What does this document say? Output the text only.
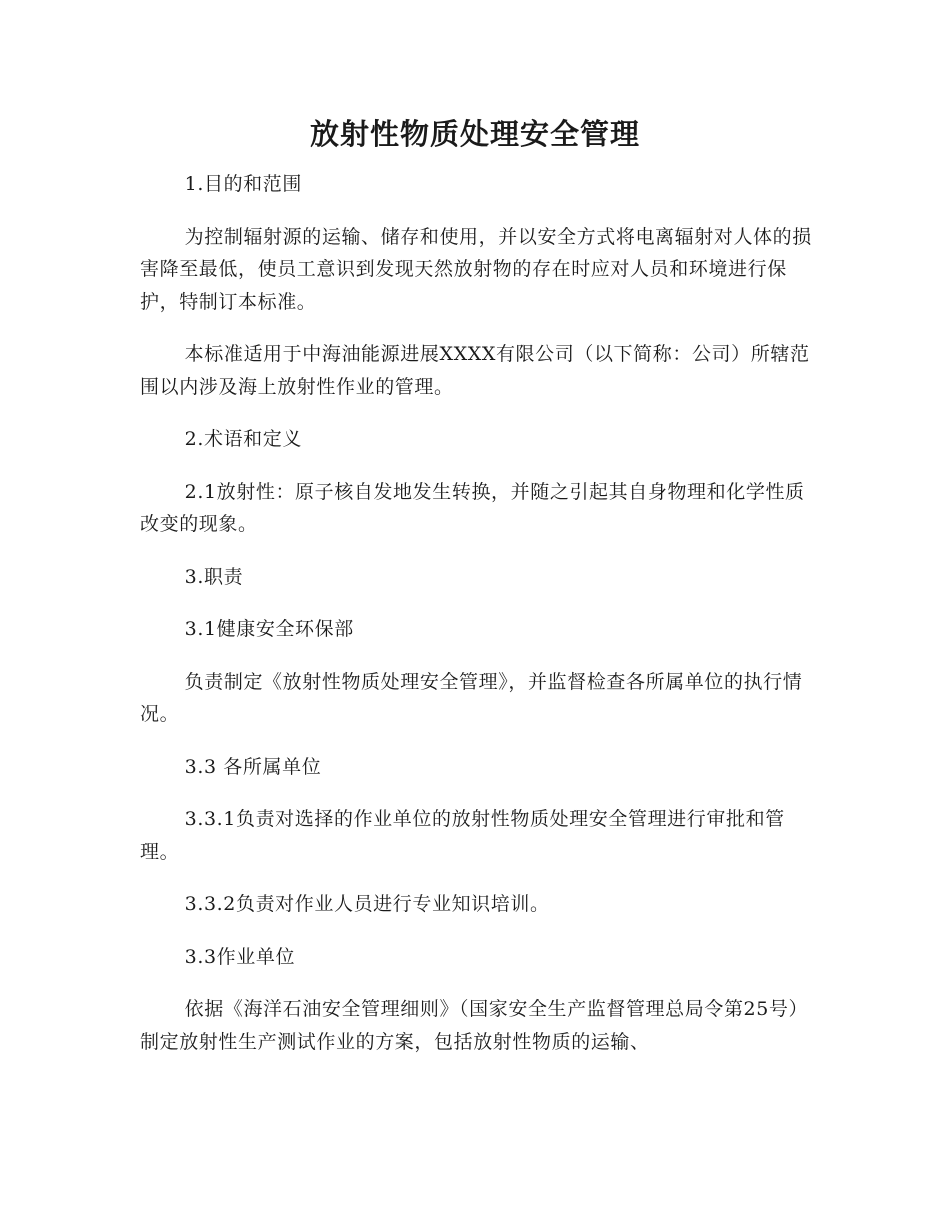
放射性物质处理安全管理

1.目的和范围

为控制辐射源的运输、储存和使用，并以安全方式将电离辐射对人体的损害降至最低，使员工意识到发现天然放射物的存在时应对人员和环境进行保护，特制订本标准。

本标准适用于中海油能源进展XXXX有限公司（以下简称：公司）所辖范围以内涉及海上放射性作业的管理。

2.术语和定义

2.1放射性：原子核自发地发生转换，并随之引起其自身物理和化学性质改变的现象。

3.职责

3.1健康安全环保部

负责制定《放射性物质处理安全管理》，并监督检查各所属单位的执行情况。

3.3 各所属单位

3.3.1负责对选择的作业单位的放射性物质处理安全管理进行审批和管理。

3.3.2负责对作业人员进行专业知识培训。

3.3作业单位

依据《海洋石油安全管理细则》（国家安全生产监督管理总局令第25号）制定放射性生产测试作业的方案，包括放射性物质的运输、
